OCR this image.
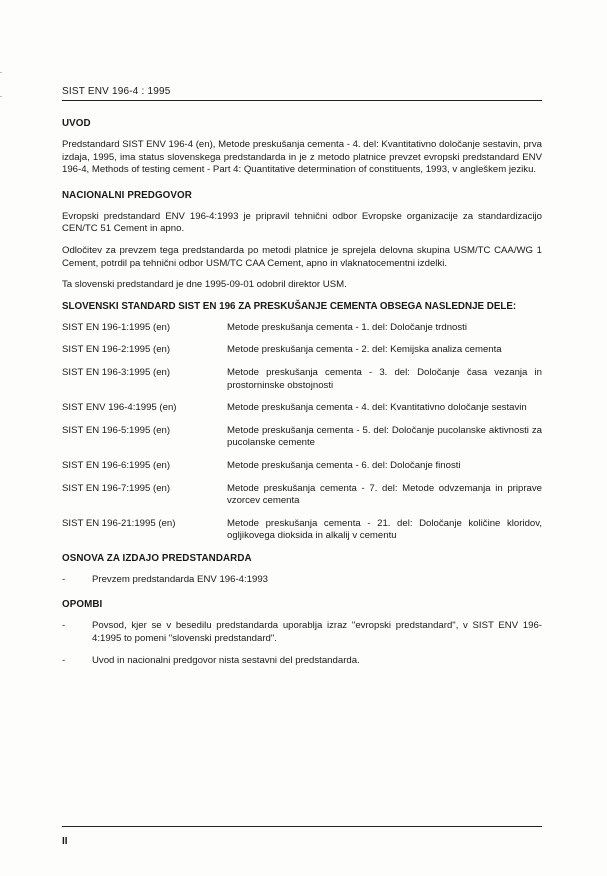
SIST ENV 196-4 : 1995
UVOD

Predstandard SIST ENV 196-4 (en), Metode preskušanja cementa - 4. del: Kvantitativno določanje sestavin, prva izdaja, 1995, ima status slovenskega predstandarda in je z metodo platnice prevzet evropski predstandard ENV 196-4, Methods of testing cement - Part 4: Quantitative determination of constituents, 1993, v angleškem jeziku.

NACIONALNI PREDGOVOR

Evropski predstandard ENV 196-4:1993 je pripravil tehnični odbor Evropske organizacije za standardizacijo CEN/TC 51 Cement in apno.

Odločitev za prevzem tega predstandarda po metodi platnice je sprejela delovna skupina USM/TC CAA/WG 1 Cement, potrdil pa tehnični odbor USM/TC CAA Cement, apno in vlaknatocementni izdelki.

Ta slovenski predstandard je dne 1995-09-01 odobril direktor USM.

SLOVENSKI STANDARD SIST EN 196 ZA PRESKUŠANJE CEMENTA OBSEGA NASLEDNJE DELE:
SIST EN 196-1:1995 (en)	Metode preskušanja cementa - 1. del: Določanje trdnosti
SIST EN 196-2:1995 (en)	Metode preskušanja cementa - 2. del: Kemijska analiza cementa
SIST EN 196-3:1995 (en)	Metode preskušanja cementa - 3. del: Določanje časa vezanja in prostorninske obstojnosti
SIST ENV 196-4:1995 (en)	Metode preskušanja cementa - 4. del: Kvantitativno določanje sestavin
SIST EN 196-5:1995 (en)	Metode preskušanja cementa - 5. del: Določanje pucolanske aktivnosti za pucolanske cemente
SIST EN 196-6:1995 (en)	Metode preskušanja cementa - 6. del: Določanje finosti
SIST EN 196-7:1995 (en)	Metode preskušanja cementa - 7. del: Metode odvzemanja in priprave vzorcev cementa
SIST EN 196-21:1995 (en)	Metode preskušanja cementa - 21. del: Določanje količine kloridov, ogljikovega dioksida in alkalij v cementu
OSNOVA ZA IZDAJO PREDSTANDARDA
-	Prevzem predstandarda ENV 196-4:1993
OPOMBI
-	Povsod, kjer se v besedilu predstandarda uporablja izraz "evropski predstandard", v SIST ENV 196-4:1995 to pomeni "slovenski predstandard".
-	Uvod in nacionalni predgovor nista sestavni del predstandarda.
II
